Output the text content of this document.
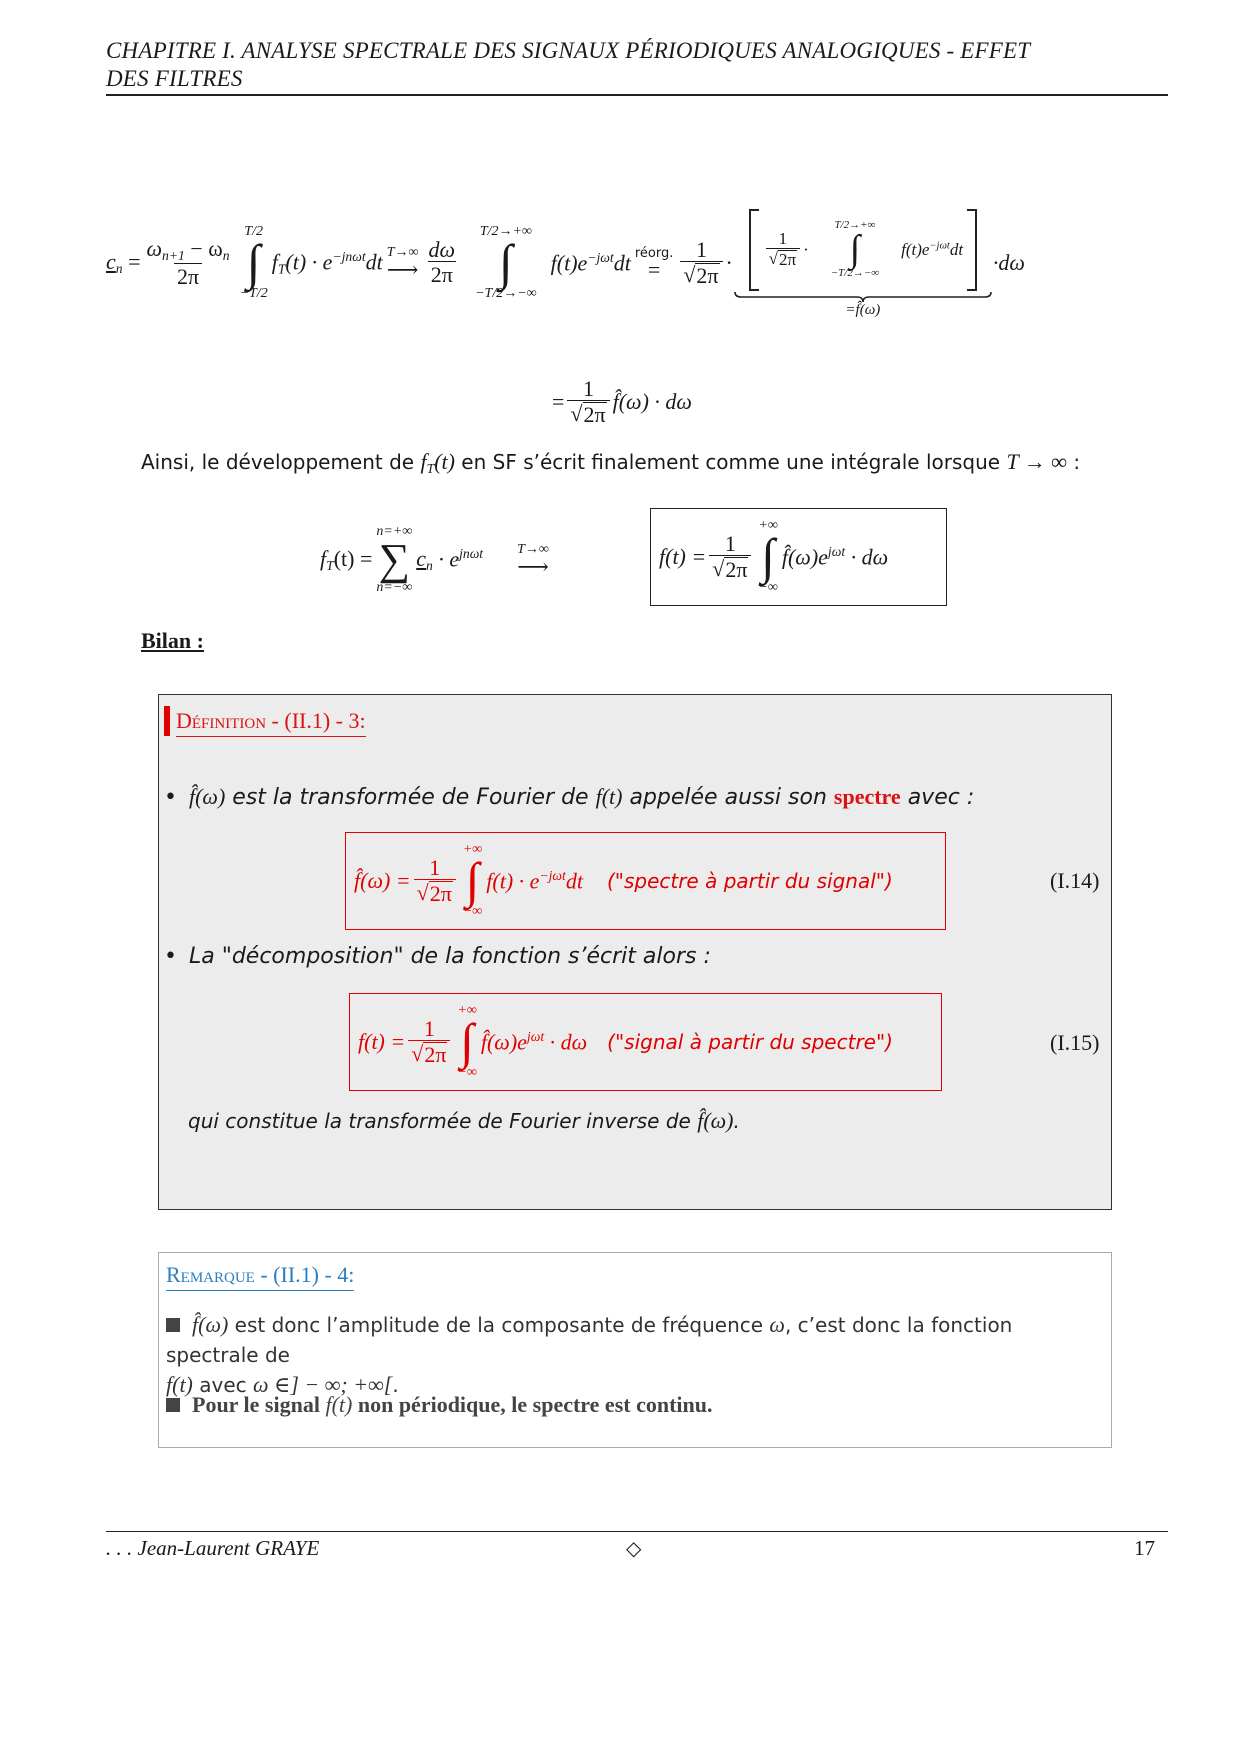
CHAPITRE I. ANALYSE SPECTRALE DES SIGNAUX PÉRIODIQUES ANALOGIQUES - EFFET
DES FILTRES
$c_n = \frac{\omega_{n+1} - \omega_n}{2\pi}$
T/2
∫
−T/2
$f_T(t) \cdot e^{-jn\omega t}dt$ T→∞
⟶ $\frac{d\omega}{2\pi}$
T/2→+∞
∫
−T/2→−∞
$f(t)e^{-j\omega t}dt$ réorg.
= $\frac{1}{√ 2\pi} \cdot \frac{1}{√ 2\pi}$ ·
T/2→+∞
∫
−T/2→−∞
$f(t)e^{-j\omega t}dt$
=f̂(ω)
·dω
= $\frac{1}{√ 2\pi}$ f̂(ω) · dω
Ainsi, le développement de $f_T(t)$ en SF s’écrit finalement comme une intégrale lorsque T → ∞ :
$f_T(t)$ =
n=+∞
∑
n=−∞
$c_n \cdot e^{jn\omega t}$ T→∞
⟶	$f(t) = \frac{1}{√ 2\pi}$
+∞
∫
−∞
$f̂(\omega)e^{j\omega t} \cdot d\omega$
Bilan :
Définition - (II.1) - 3:
• f̂(ω) est la transformée de Fourier de f(t) appelée aussi son spectre avec :
f̂(ω) = $\frac{1}{√ 2\pi}$
+∞
∫
−∞
$f(t) \cdot e^{-j\omega t}dt$ ("spectre à partir du signal")	(I.14)
• La "décomposition" de la fonction s’écrit alors :
$f(t) = \frac{1}{√ 2\pi}$
+∞
∫
−∞
$f̂(\omega)e^{j\omega t} \cdot d\omega$ ("signal à partir du spectre")	(I.15)
qui constitue la transformée de Fourier inverse de f̂(ω).
Remarque - (II.1) - 4:
f̂(ω) est donc l’amplitude de la composante de fréquence ω, c’est donc la fonction spectrale de
f(t) avec ω ∈] − ∞; +∞[.
Pour le signal f(t) non périodique, le spectre est continu.
. . . Jean-Laurent GRAYE	◇	17
